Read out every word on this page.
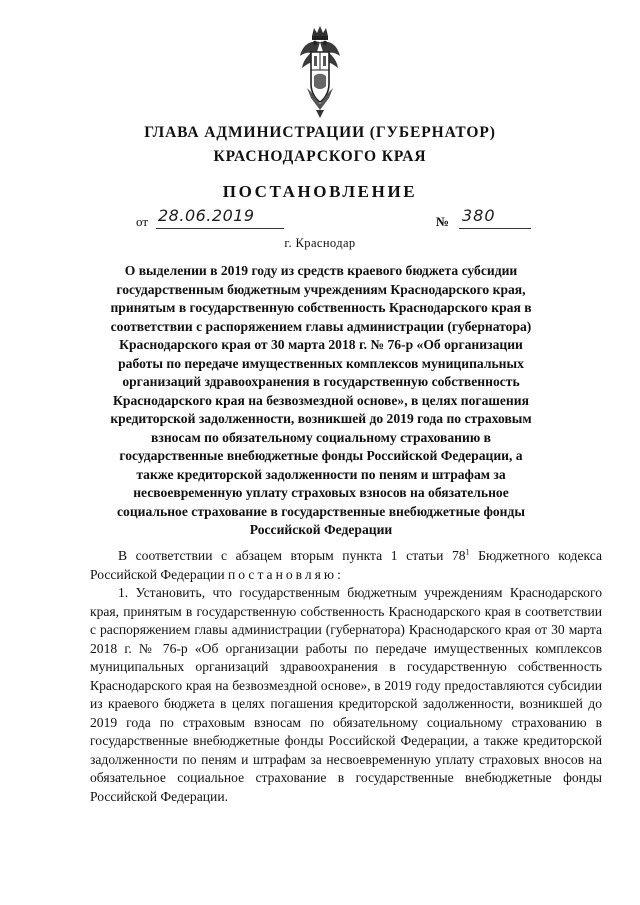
ГЛАВА АДМИНИСТРАЦИИ (ГУБЕРНАТОР)
КРАСНОДАРСКОГО КРАЯ
ПОСТАНОВЛЕНИЕ
от 28.06.2019	№ 380
г. Краснодар

О выделении в 2019 году из средств краевого бюджета субсидии государственным бюджетным учреждениям Краснодарского края, принятым в государственную собственность Краснодарского края в соответствии с распоряжением главы администрации (губернатора) Краснодарского края от 30 марта 2018 г. № 76-р «Об организации работы по передаче имущественных комплексов муниципальных организаций здравоохранения в государственную собственность Краснодарского края на безвозмездной основе», в целях погашения кредиторской задолженности, возникшей до 2019 года по страховым взносам по обязательному социальному страхованию в государственные внебюджетные фонды Российской Федерации, а также кредиторской задолженности по пеням и штрафам за несвоевременную уплату страховых взносов на обязательное социальное страхование в государственные внебюджетные фонды Российской Федерации

В соответствии с абзацем вторым пункта 1 статьи $78^1$ Бюджетного кодекса Российской Федерации постановляю:

1. Установить, что государственным бюджетным учреждениям Краснодарского края, принятым в государственную собственность Краснодарского края в соответствии с распоряжением главы администрации (губернатора) Краснодарского края от 30 марта 2018 г. № 76-р «Об организации работы по передаче имущественных комплексов муниципальных организаций здравоохранения в государственную собственность Краснодарского края на безвозмездной основе», в 2019 году предоставляются субсидии из краевого бюджета в целях погашения кредиторской задолженности, возникшей до 2019 года по страховым взносам по обязательному социальному страхованию в государственные внебюджетные фонды Российской Федерации, а также кредиторской задолженности по пеням и штрафам за несвоевременную уплату страховых вносов на обязательное социальное страхование в государственные внебюджетные фонды Российской Федерации.
